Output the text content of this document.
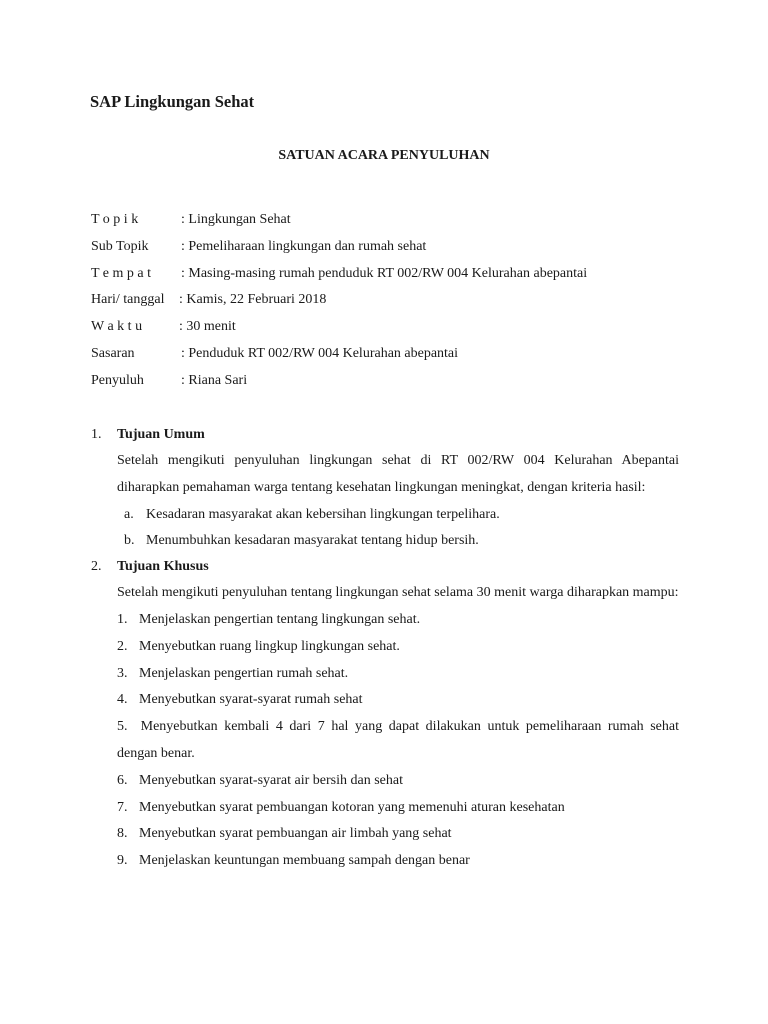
SAP Lingkungan Sehat
SATUAN ACARA PENYULUHAN
T o p i k	: Lingkungan Sehat
Sub Topik	: Pemeliharaan lingkungan dan rumah sehat
T e m p a t	: Masing-masing rumah penduduk RT 002/RW 004 Kelurahan abepantai
Hari/ tanggal	: Kamis, 22 Februari 2018
W a k t u	: 30 menit
Sasaran	: Penduduk RT 002/RW 004 Kelurahan abepantai
Penyuluh	: Riana Sari
1.	Tujuan Umum

Setelah mengikuti penyuluhan lingkungan sehat di RT 002/RW 004 Kelurahan Abepantai diharapkan pemahaman warga tentang kesehatan lingkungan meningkat, dengan kriteria hasil:

a. Kesadaran masyarakat akan kebersihan lingkungan terpelihara.
b. Menumbuhkan kesadaran masyarakat tentang hidup bersih.
2.	Tujuan Khusus

Setelah mengikuti penyuluhan tentang lingkungan sehat selama 30 menit warga diharapkan mampu:

1. Menjelaskan pengertian tentang lingkungan sehat.
2. Menyebutkan ruang lingkup lingkungan sehat.
3. Menjelaskan pengertian rumah sehat.
4. Menyebutkan syarat-syarat rumah sehat
5. Menyebutkan kembali 4 dari 7 hal yang dapat dilakukan untuk pemeliharaan rumah sehat dengan benar.
6. Menyebutkan syarat-syarat air bersih dan sehat
7. Menyebutkan syarat pembuangan kotoran yang memenuhi aturan kesehatan
8. Menyebutkan syarat pembuangan air limbah yang sehat
9. Menjelaskan keuntungan membuang sampah dengan benar
